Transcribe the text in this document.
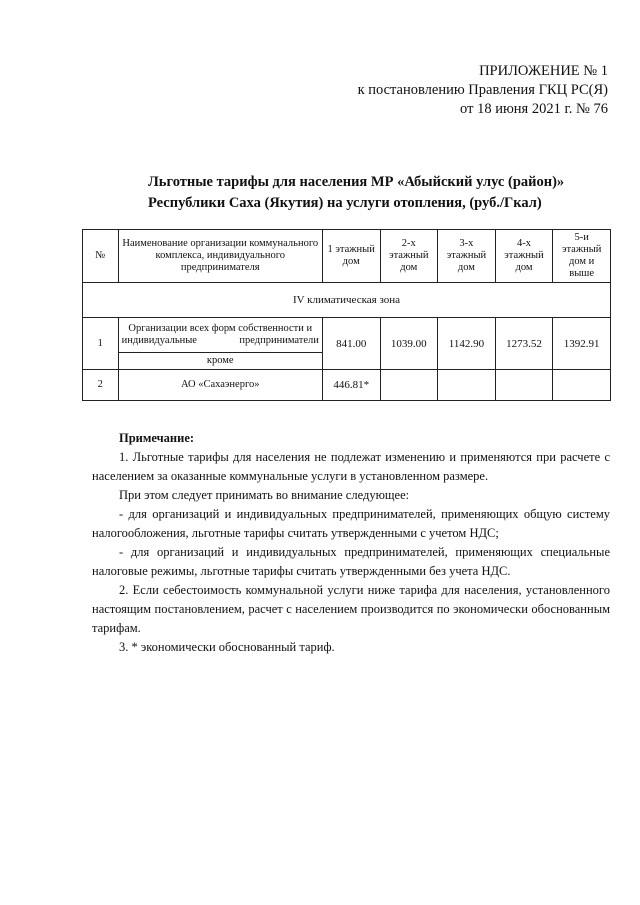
ПРИЛОЖЕНИЕ № 1
к постановлению Правления ГКЦ РС(Я)
от 18 июня 2021 г. № 76
Льготные тарифы для населения МР «Абыйский улус (район)»
Республики Саха (Якутия) на услуги отопления, (руб./Гкал)
№	Наименование организации коммунального комплекса, индивидуального предпринимателя	1 этажный дом	2-х этажный дом	3-х этажный дом	4-х этажный дом	5-и этажный дом и выше
IV климатическая зона						
1	Организации всех форм собственности и индивидуальные предприниматели	841.00	1039.00	1142.90	1273.52	1392.91
	кроме					
2	АО «Сахаэнерго»	446.81*				

Примечание:

1. Льготные тарифы для населения не подлежат изменению и применяются при расчете с населением за оказанные коммунальные услуги в установленном размере.

При этом следует принимать во внимание следующее:

- для организаций и индивидуальных предпринимателей, применяющих общую систему налогообложения, льготные тарифы считать утвержденными с учетом НДС;

- для организаций и индивидуальных предпринимателей, применяющих специальные налоговые режимы, льготные тарифы считать утвержденными без учета НДС.

2. Если себестоимость коммунальной услуги ниже тарифа для населения, установленного настоящим постановлением, расчет с населением производится по экономически обоснованным тарифам.

3. * экономически обоснованный тариф.
